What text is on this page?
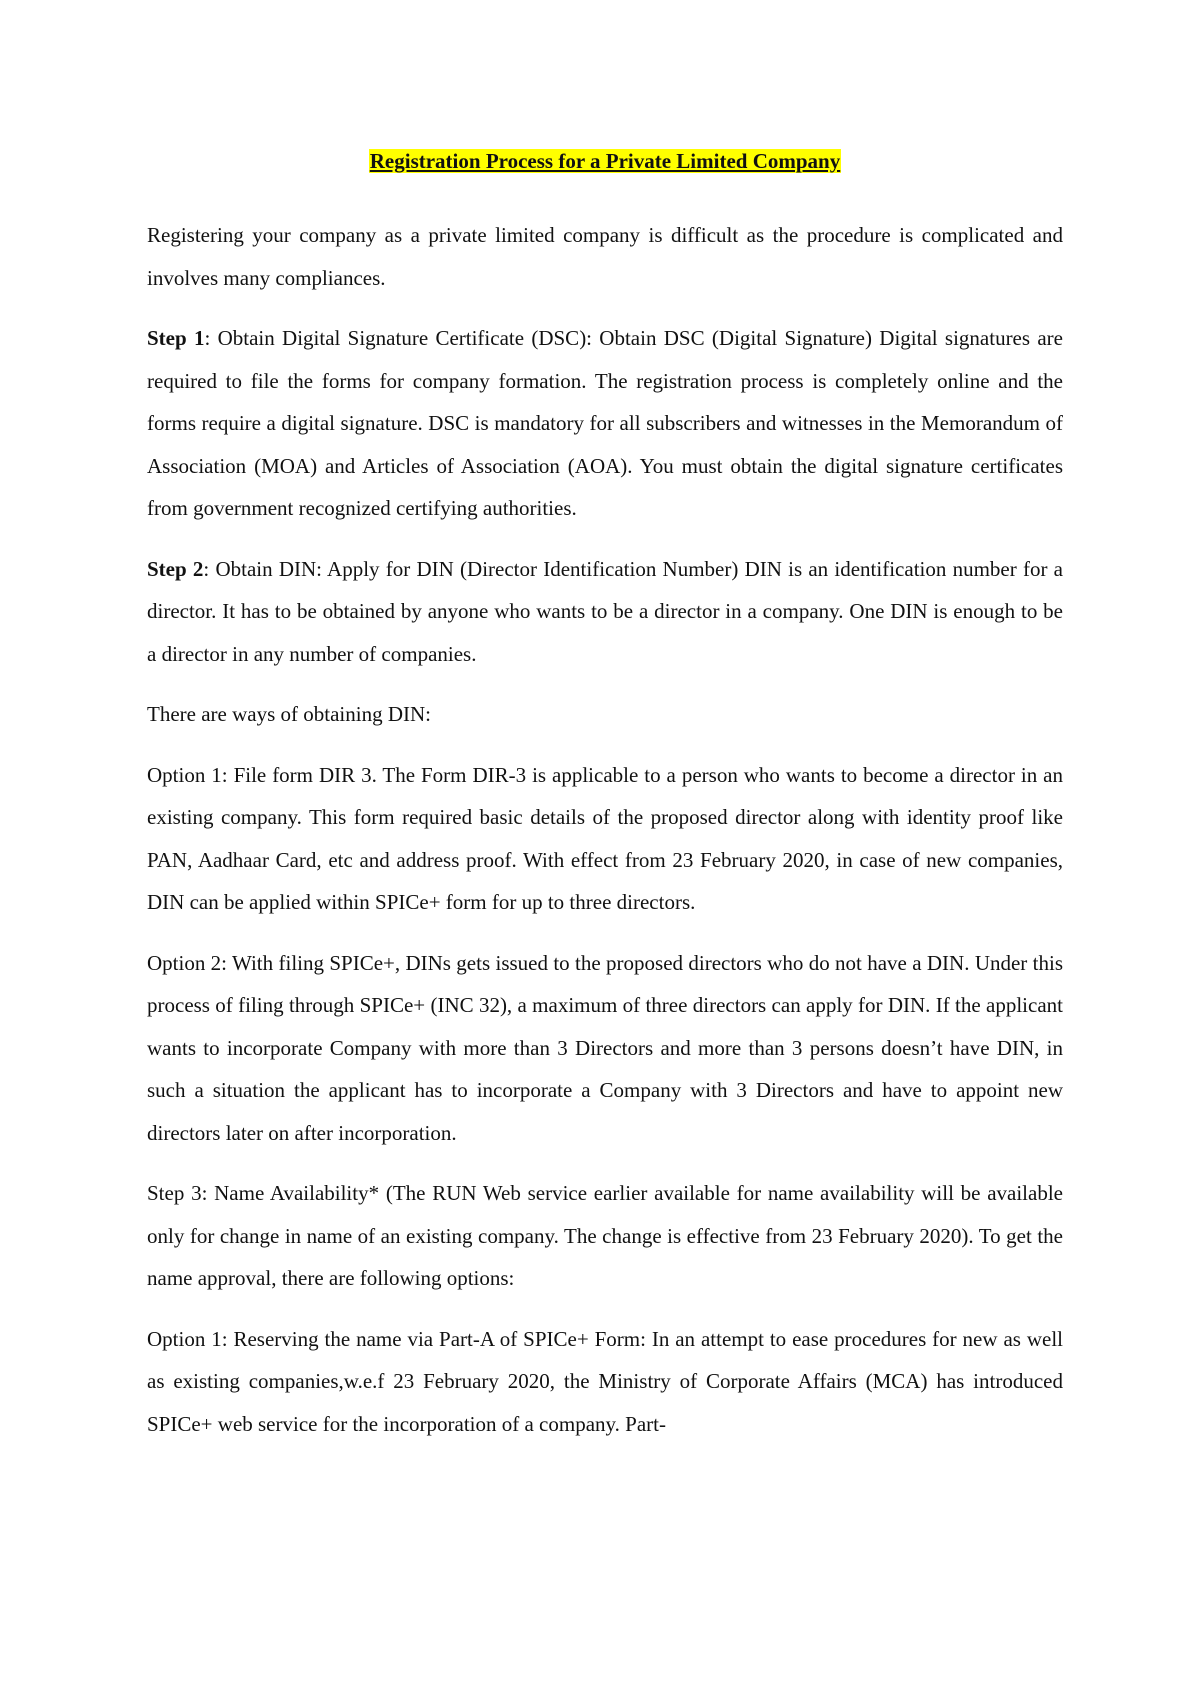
Registration Process for a Private Limited Company

Registering your company as a private limited company is difficult as the procedure is complicated and involves many compliances.

Step 1: Obtain Digital Signature Certificate (DSC): Obtain DSC (Digital Signature) Digital signatures are required to file the forms for company formation. The registration process is completely online and the forms require a digital signature. DSC is mandatory for all subscribers and witnesses in the Memorandum of Association (MOA) and Articles of Association (AOA). You must obtain the digital signature certificates from government recognized certifying authorities.

Step 2: Obtain DIN: Apply for DIN (Director Identification Number) DIN is an identification number for a director. It has to be obtained by anyone who wants to be a director in a company. One DIN is enough to be a director in any number of companies.

There are ways of obtaining DIN:

Option 1: File form DIR 3. The Form DIR-3 is applicable to a person who wants to become a director in an existing company. This form required basic details of the proposed director along with identity proof like PAN, Aadhaar Card, etc and address proof. With effect from 23 February 2020, in case of new companies, DIN can be applied within SPICe+ form for up to three directors.

Option 2: With filing SPICe+, DINs gets issued to the proposed directors who do not have a DIN. Under this process of filing through SPICe+ (INC 32), a maximum of three directors can apply for DIN. If the applicant wants to incorporate Company with more than 3 Directors and more than 3 persons doesn’t have DIN, in such a situation the applicant has to incorporate a Company with 3 Directors and have to appoint new directors later on after incorporation.

Step 3: Name Availability* (The RUN Web service earlier available for name availability will be available only for change in name of an existing company. The change is effective from 23 February 2020). To get the name approval, there are following options:

Option 1: Reserving the name via Part-A of SPICe+ Form: In an attempt to ease procedures for new as well as existing companies,w.e.f 23 February 2020, the Ministry of Corporate Affairs (MCA) has introduced SPICe+ web service for the incorporation of a company. Part-
